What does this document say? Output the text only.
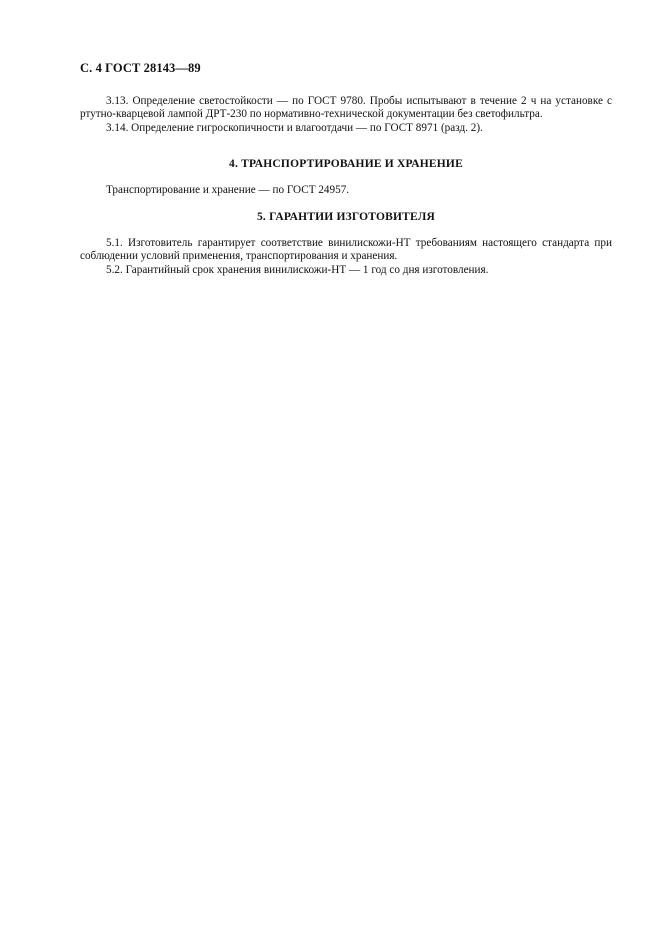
С. 4 ГОСТ 28143—89

3.13. Определение светостойкости — по ГОСТ 9780. Пробы испытывают в течение 2 ч на установке с ртутно-кварцевой лампой ДРТ-230 по нормативно-технической документации без светофильтра.

3.14. Определение гигроскопичности и влагоотдачи — по ГОСТ 8971 (разд. 2).

4. ТРАНСПОРТИРОВАНИЕ И ХРАНЕНИЕ

Транспортирование и хранение — по ГОСТ 24957.

5. ГАРАНТИИ ИЗГОТОВИТЕЛЯ

5.1. Изготовитель гарантирует соответствие винилискожи-НТ требованиям настоящего стандарта при соблюдении условий применения, транспортирования и хранения.

5.2. Гарантийный срок хранения винилискожи-НТ — 1 год со дня изготовления.
